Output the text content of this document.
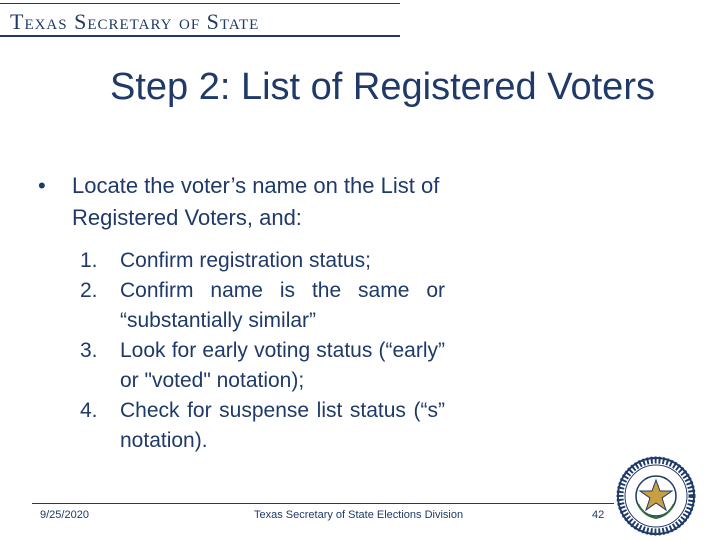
Texas Secretary of State
Step 2: List of Registered Voters
•	Locate the voter’s name on the List of Registered Voters, and:
1.	Confirm registration status;
2.	Confirm name is the same or “substantially similar”
3.	Look for early voting status (“early” or "voted" notation);
4.	Check for suspense list status (“s” notation).
9/25/2020	Texas Secretary of State Elections Division	42
